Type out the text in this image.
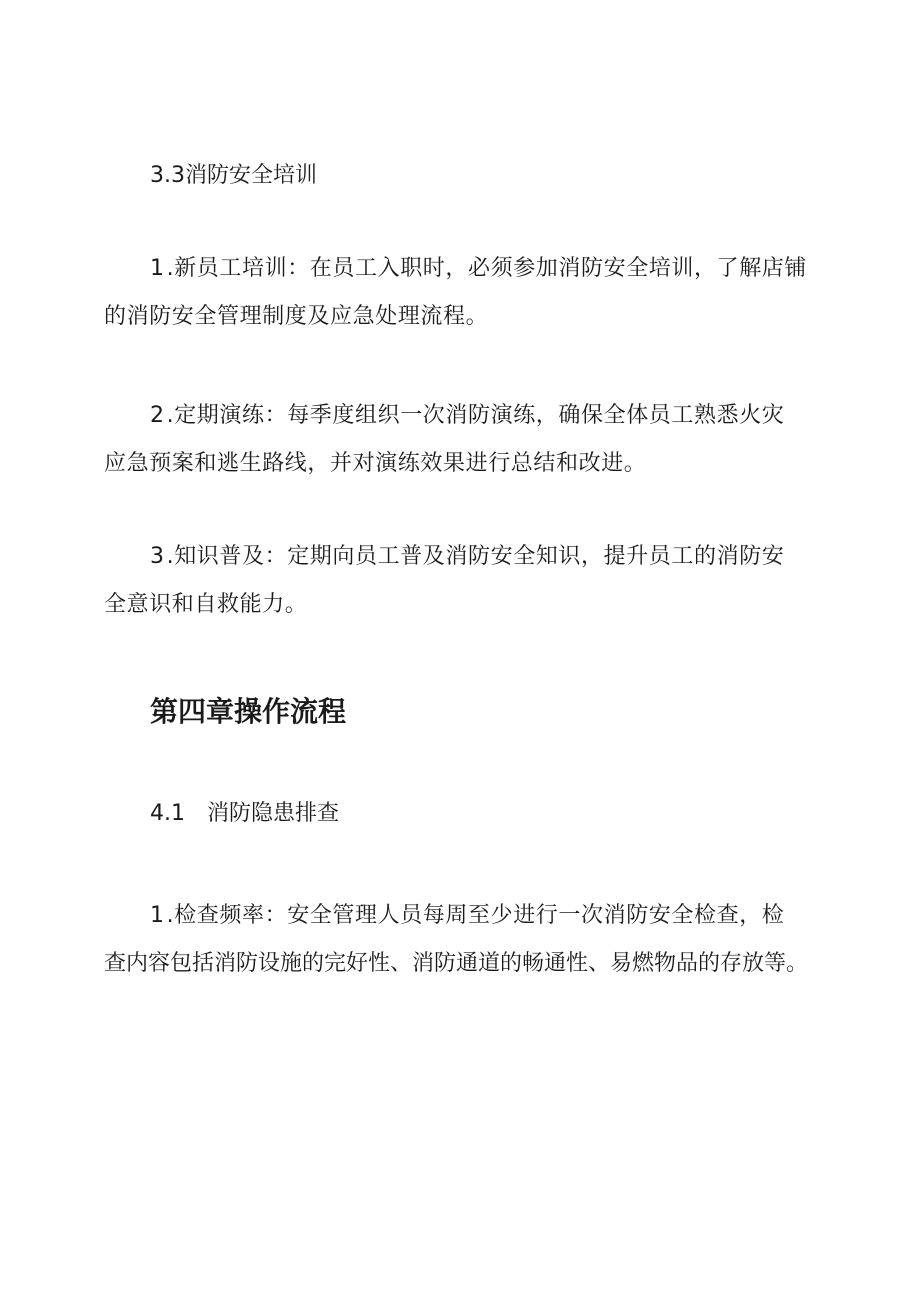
3.3消防安全培训
1.新员工培训：在员工入职时，必须参加消防安全培训，了解店铺
的消防安全管理制度及应急处理流程。
2.定期演练：每季度组织一次消防演练，确保全体员工熟悉火灾
应急预案和逃生路线，并对演练效果进行总结和改进。
3.知识普及：定期向员工普及消防安全知识，提升员工的消防安
全意识和自救能力。
第四章操作流程
4.1　消防隐患排查
1.检查频率：安全管理人员每周至少进行一次消防安全检查，检
查内容包括消防设施的完好性、消防通道的畅通性、易燃物品的存放等。
